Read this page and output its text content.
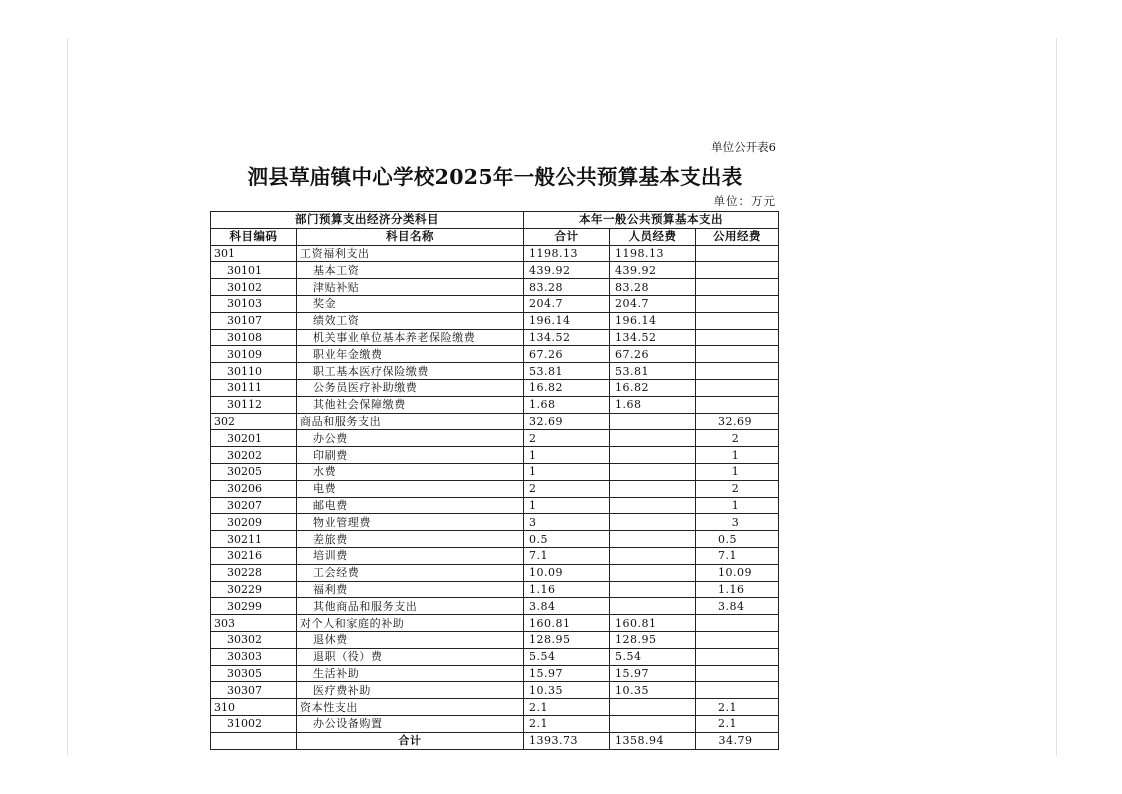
单位公开表6
泗县草庙镇中心学校2025年一般公共预算基本支出表
单位：万元
部门预算支出经济分类科目		本年一般公共预算基本支出		
科目编码	科目名称	合计	人员经费	公用经费
301	工资福利支出	1198.13	1198.13	
30101	基本工资	439.92	439.92	
30102	津贴补贴	83.28	83.28	
30103	奖金	204.7	204.7	
30107	绩效工资	196.14	196.14	
30108	机关事业单位基本养老保险缴费	134.52	134.52	
30109	职业年金缴费	67.26	67.26	
30110	职工基本医疗保险缴费	53.81	53.81	
30111	公务员医疗补助缴费	16.82	16.82	
30112	其他社会保障缴费	1.68	1.68	
302	商品和服务支出	32.69		32.69
30201	办公费	2		2
30202	印刷费	1		1
30205	水费	1		1
30206	电费	2		2
30207	邮电费	1		1
30209	物业管理费	3		3
30211	差旅费	0.5		0.5
30216	培训费	7.1		7.1
30228	工会经费	10.09		10.09
30229	福利费	1.16		1.16
30299	其他商品和服务支出	3.84		3.84
303	对个人和家庭的补助	160.81	160.81	
30302	退休费	128.95	128.95	
30303	退职（役）费	5.54	5.54	
30305	生活补助	15.97	15.97	
30307	医疗费补助	10.35	10.35	
310	资本性支出	2.1		2.1
31002	办公设备购置	2.1		2.1
	合计	1393.73	1358.94	34.79
